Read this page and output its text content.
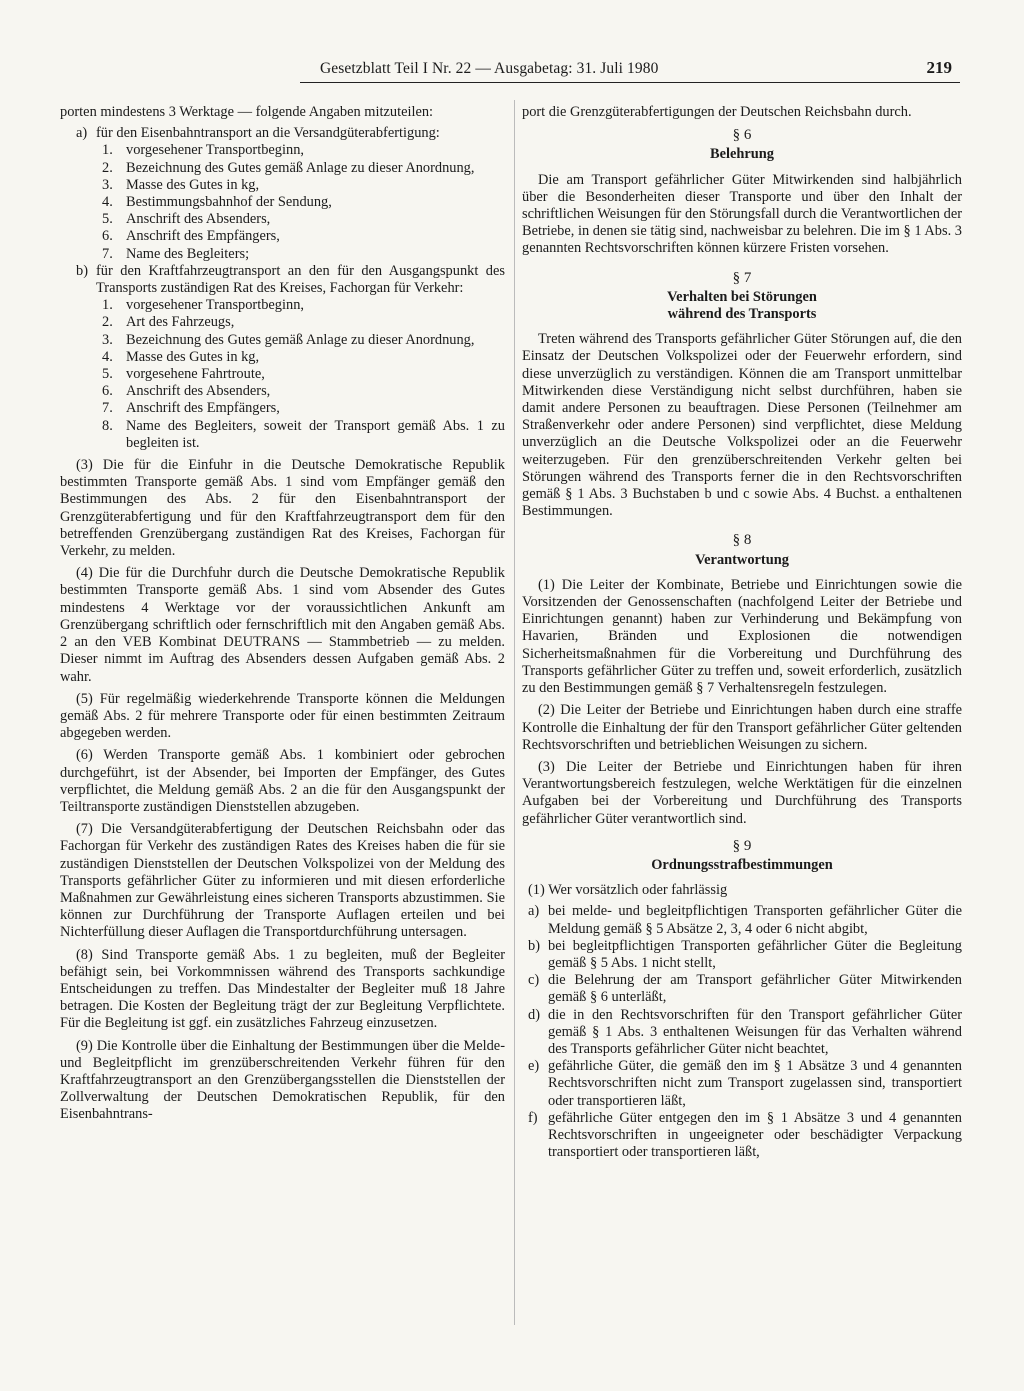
Gesetzblatt Teil I Nr. 22 — Ausgabetag: 31. Juli 1980	219

porten mindestens 3 Werktage — folgende Angaben mitzuteilen:

a) für den Eisenbahntransport an die Versandgüterabfertigung:
1. vorgesehener Transportbeginn,
2. Bezeichnung des Gutes gemäß Anlage zu dieser Anordnung,
3. Masse des Gutes in kg,
4. Bestimmungsbahnhof der Sendung,
5. Anschrift des Absenders,
6. Anschrift des Empfängers,
7. Name des Begleiters;
b) für den Kraftfahrzeugtransport an den für den Ausgangspunkt des Transports zuständigen Rat des Kreises, Fachorgan für Verkehr:
1. vorgesehener Transportbeginn,
2. Art des Fahrzeugs,
3. Bezeichnung des Gutes gemäß Anlage zu dieser Anordnung,
4. Masse des Gutes in kg,
5. vorgesehene Fahrtroute,
6. Anschrift des Absenders,
7. Anschrift des Empfängers,
8. Name des Begleiters, soweit der Transport gemäß Abs. 1 zu begleiten ist.

(3) Die für die Einfuhr in die Deutsche Demokratische Republik bestimmten Transporte gemäß Abs. 1 sind vom Empfänger gemäß den Bestimmungen des Abs. 2 für den Eisenbahntransport der Grenzgüterabfertigung und für den Kraftfahrzeugtransport dem für den betreffenden Grenzübergang zuständigen Rat des Kreises, Fachorgan für Verkehr, zu melden.

(4) Die für die Durchfuhr durch die Deutsche Demokratische Republik bestimmten Transporte gemäß Abs. 1 sind vom Absender des Gutes mindestens 4 Werktage vor der voraussichtlichen Ankunft am Grenzübergang schriftlich oder fernschriftlich mit den Angaben gemäß Abs. 2 an den VEB Kombinat DEUTRANS — Stammbetrieb — zu melden. Dieser nimmt im Auftrag des Absenders dessen Aufgaben gemäß Abs. 2 wahr.

(5) Für regelmäßig wiederkehrende Transporte können die Meldungen gemäß Abs. 2 für mehrere Transporte oder für einen bestimmten Zeitraum abgegeben werden.

(6) Werden Transporte gemäß Abs. 1 kombiniert oder gebrochen durchgeführt, ist der Absender, bei Importen der Empfänger, des Gutes verpflichtet, die Meldung gemäß Abs. 2 an die für den Ausgangspunkt der Teiltransporte zuständigen Dienststellen abzugeben.

(7) Die Versandgüterabfertigung der Deutschen Reichsbahn oder das Fachorgan für Verkehr des zuständigen Rates des Kreises haben die für sie zuständigen Dienststellen der Deutschen Volkspolizei von der Meldung des Transports gefährlicher Güter zu informieren und mit diesen erforderliche Maßnahmen zur Gewährleistung eines sicheren Transports abzustimmen. Sie können zur Durchführung der Transporte Auflagen erteilen und bei Nichterfüllung dieser Auflagen die Transportdurchführung untersagen.

(8) Sind Transporte gemäß Abs. 1 zu begleiten, muß der Begleiter befähigt sein, bei Vorkommnissen während des Transports sachkundige Entscheidungen zu treffen. Das Mindestalter der Begleiter muß 18 Jahre betragen. Die Kosten der Begleitung trägt der zur Begleitung Verpflichtete. Für die Begleitung ist ggf. ein zusätzliches Fahrzeug einzusetzen.

(9) Die Kontrolle über die Einhaltung der Bestimmungen über die Melde- und Begleitpflicht im grenzüberschreitenden Verkehr führen für den Kraftfahrzeugtransport an den Grenzübergangsstellen die Dienststellen der Zollverwaltung der Deutschen Demokratischen Republik, für den Eisenbahntrans-

port die Grenzgüterabfertigungen der Deutschen Reichsbahn durch.

§ 6

Belehrung

Die am Transport gefährlicher Güter Mitwirkenden sind halbjährlich über die Besonderheiten dieser Transporte und über den Inhalt der schriftlichen Weisungen für den Störungsfall durch die Verantwortlichen der Betriebe, in denen sie tätig sind, nachweisbar zu belehren. Die im § 1 Abs. 3 genannten Rechtsvorschriften können kürzere Fristen vorsehen.

§ 7

Verhalten bei Störungen

während des Transports

Treten während des Transports gefährlicher Güter Störungen auf, die den Einsatz der Deutschen Volkspolizei oder der Feuerwehr erfordern, sind diese unverzüglich zu verständigen. Können die am Transport unmittelbar Mitwirkenden diese Verständigung nicht selbst durchführen, haben sie damit andere Personen zu beauftragen. Diese Personen (Teilnehmer am Straßenverkehr oder andere Personen) sind verpflichtet, diese Meldung unverzüglich an die Deutsche Volkspolizei oder an die Feuerwehr weiterzugeben. Für den grenzüberschreitenden Verkehr gelten bei Störungen während des Transports ferner die in den Rechtsvorschriften gemäß § 1 Abs. 3 Buchstaben b und c sowie Abs. 4 Buchst. a enthaltenen Bestimmungen.

§ 8

Verantwortung

(1) Die Leiter der Kombinate, Betriebe und Einrichtungen sowie die Vorsitzenden der Genossenschaften (nachfolgend Leiter der Betriebe und Einrichtungen genannt) haben zur Verhinderung und Bekämpfung von Havarien, Bränden und Explosionen die notwendigen Sicherheitsmaßnahmen für die Vorbereitung und Durchführung des Transports gefährlicher Güter zu treffen und, soweit erforderlich, zusätzlich zu den Bestimmungen gemäß § 7 Verhaltensregeln festzulegen.

(2) Die Leiter der Betriebe und Einrichtungen haben durch eine straffe Kontrolle die Einhaltung der für den Transport gefährlicher Güter geltenden Rechtsvorschriften und betrieblichen Weisungen zu sichern.

(3) Die Leiter der Betriebe und Einrichtungen haben für ihren Verantwortungsbereich festzulegen, welche Werktätigen für die einzelnen Aufgaben bei der Vorbereitung und Durchführung des Transports gefährlicher Güter verantwortlich sind.

§ 9

Ordnungsstrafbestimmungen

(1) Wer vorsätzlich oder fahrlässig

a) bei melde- und begleitpflichtigen Transporten gefährlicher Güter die Meldung gemäß § 5 Absätze 2, 3, 4 oder 6 nicht abgibt,
b) bei begleitpflichtigen Transporten gefährlicher Güter die Begleitung gemäß § 5 Abs. 1 nicht stellt,
c) die Belehrung der am Transport gefährlicher Güter Mitwirkenden gemäß § 6 unterläßt,
d) die in den Rechtsvorschriften für den Transport gefährlicher Güter gemäß § 1 Abs. 3 enthaltenen Weisungen für das Verhalten während des Transports gefährlicher Güter nicht beachtet,
e) gefährliche Güter, die gemäß den im § 1 Absätze 3 und 4 genannten Rechtsvorschriften nicht zum Transport zugelassen sind, transportiert oder transportieren läßt,
f) gefährliche Güter entgegen den im § 1 Absätze 3 und 4 genannten Rechtsvorschriften in ungeeigneter oder beschädigter Verpackung transportiert oder transportieren läßt,
